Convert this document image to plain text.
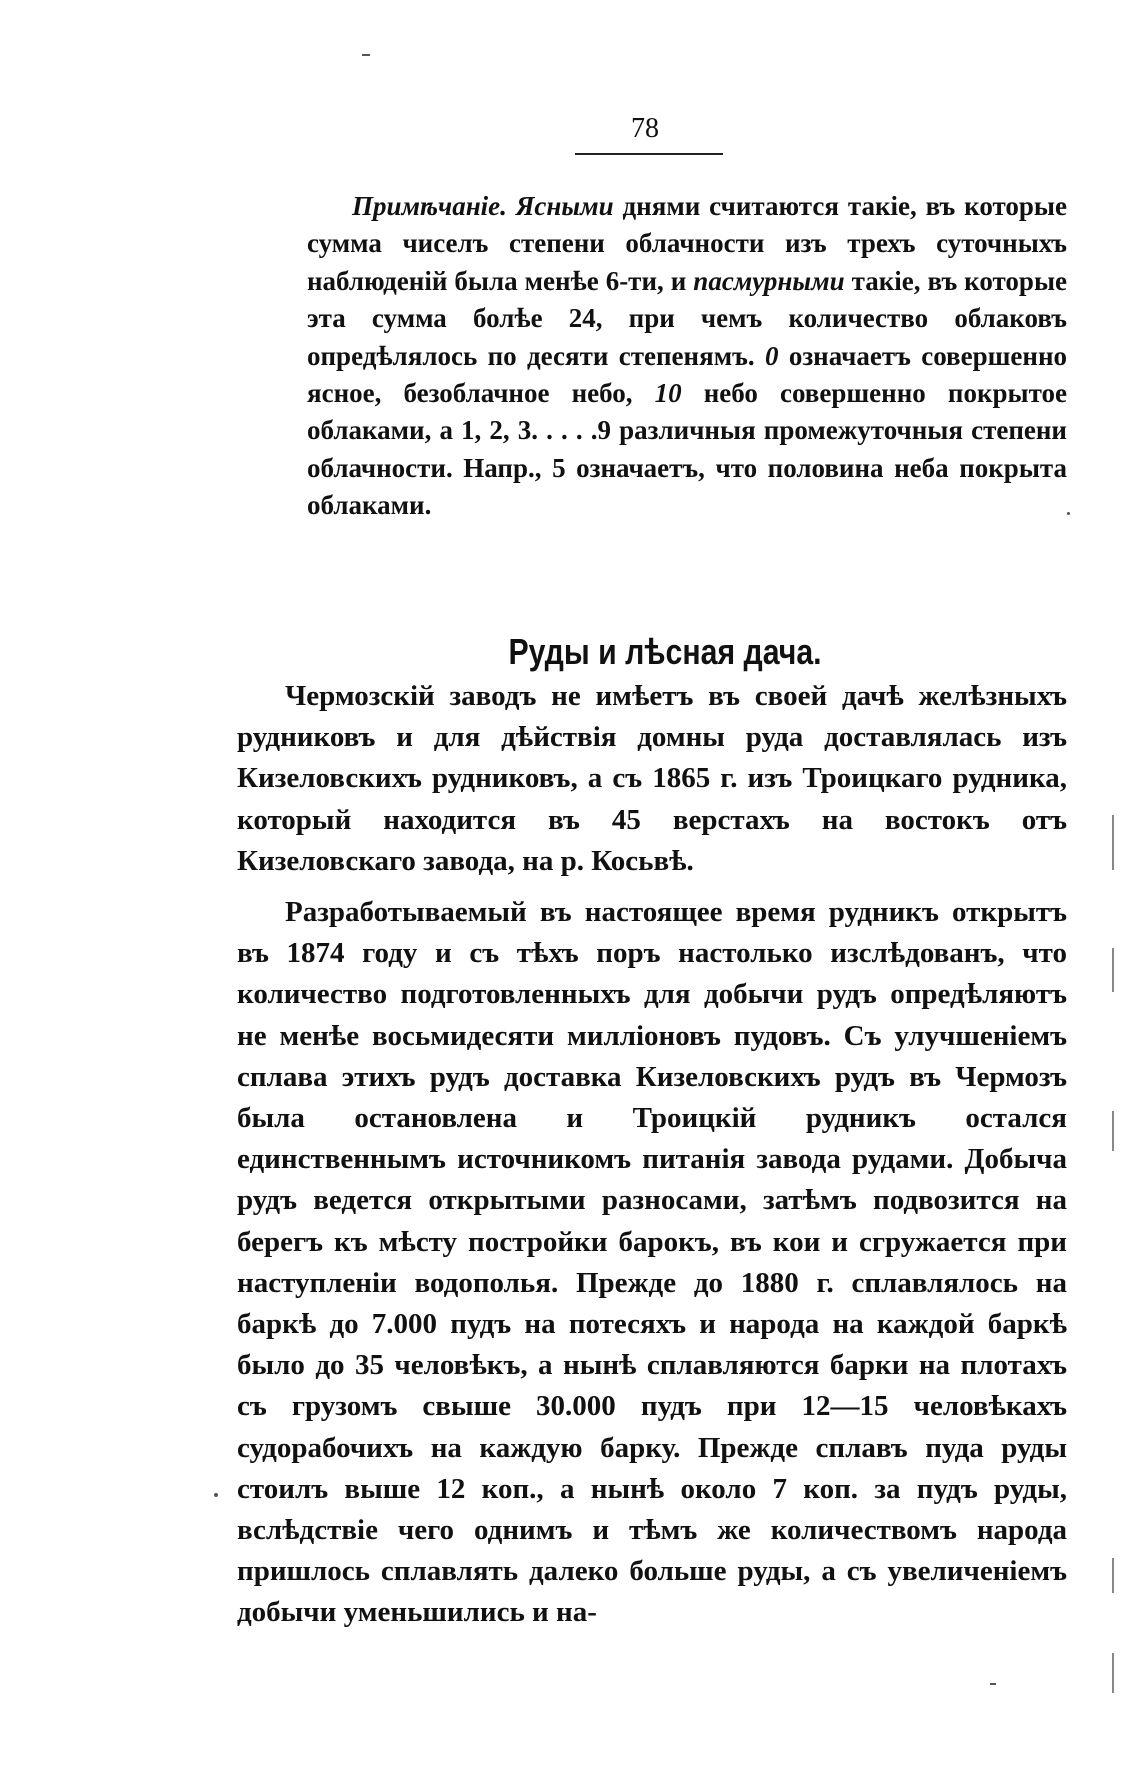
78

Примѣчаніе. Ясными днями считаются такіе, въ которые сумма чиселъ степени облачности изъ трехъ суточныхъ наблюденій была менѣе 6-ти, и пасмурными такіе, въ которые эта сумма болѣе 24, при чемъ количество облаковъ опредѣлялось по десяти степенямъ. 0 означаетъ совершенно ясное, безоблачное небо, 10 небо совершенно покрытое облаками, а 1, 2, 3. . . . .9 различныя промежуточныя степени облачности. Напр., 5 означаетъ, что половина неба покрыта облаками.

Руды и лѣсная дача.

Чермозскій заводъ не имѣетъ въ своей дачѣ желѣзныхъ рудниковъ и для дѣйствія домны руда доставлялась изъ Кизеловскихъ рудниковъ, а съ 1865 г. изъ Троицкаго рудника, который находится въ 45 верстахъ на востокъ отъ Кизеловскаго завода, на р. Косьвѣ.

Разработываемый въ настоящее время рудникъ открытъ въ 1874 году и съ тѣхъ поръ настолько изслѣдованъ, что количество подготовленныхъ для добычи рудъ опредѣляютъ не менѣе восьмидесяти милліоновъ пудовъ. Съ улучшеніемъ сплава этихъ рудъ доставка Кизеловскихъ рудъ въ Чермозъ была остановлена и Троицкій рудникъ остался единственнымъ источникомъ питанія завода рудами. Добыча рудъ ведется открытыми разносами, затѣмъ подвозится на берегъ къ мѣсту постройки барокъ, въ кои и сгружается при наступленіи водополья. Прежде до 1880 г. сплавлялось на баркѣ до 7.000 пудъ на потесяхъ и народа на каждой баркѣ было до 35 человѣкъ, а нынѣ сплавляются барки на плотахъ съ грузомъ свыше 30.000 пудъ при 12—15 человѣкахъ судорабочихъ на каждую барку. Прежде сплавъ пуда руды стоилъ выше 12 коп., а нынѣ около 7 коп. за пудъ руды, вслѣдствіе чего однимъ и тѣмъ же количествомъ народа пришлось сплавлять далеко больше руды, а съ увеличеніемъ добычи уменьшились и на-
